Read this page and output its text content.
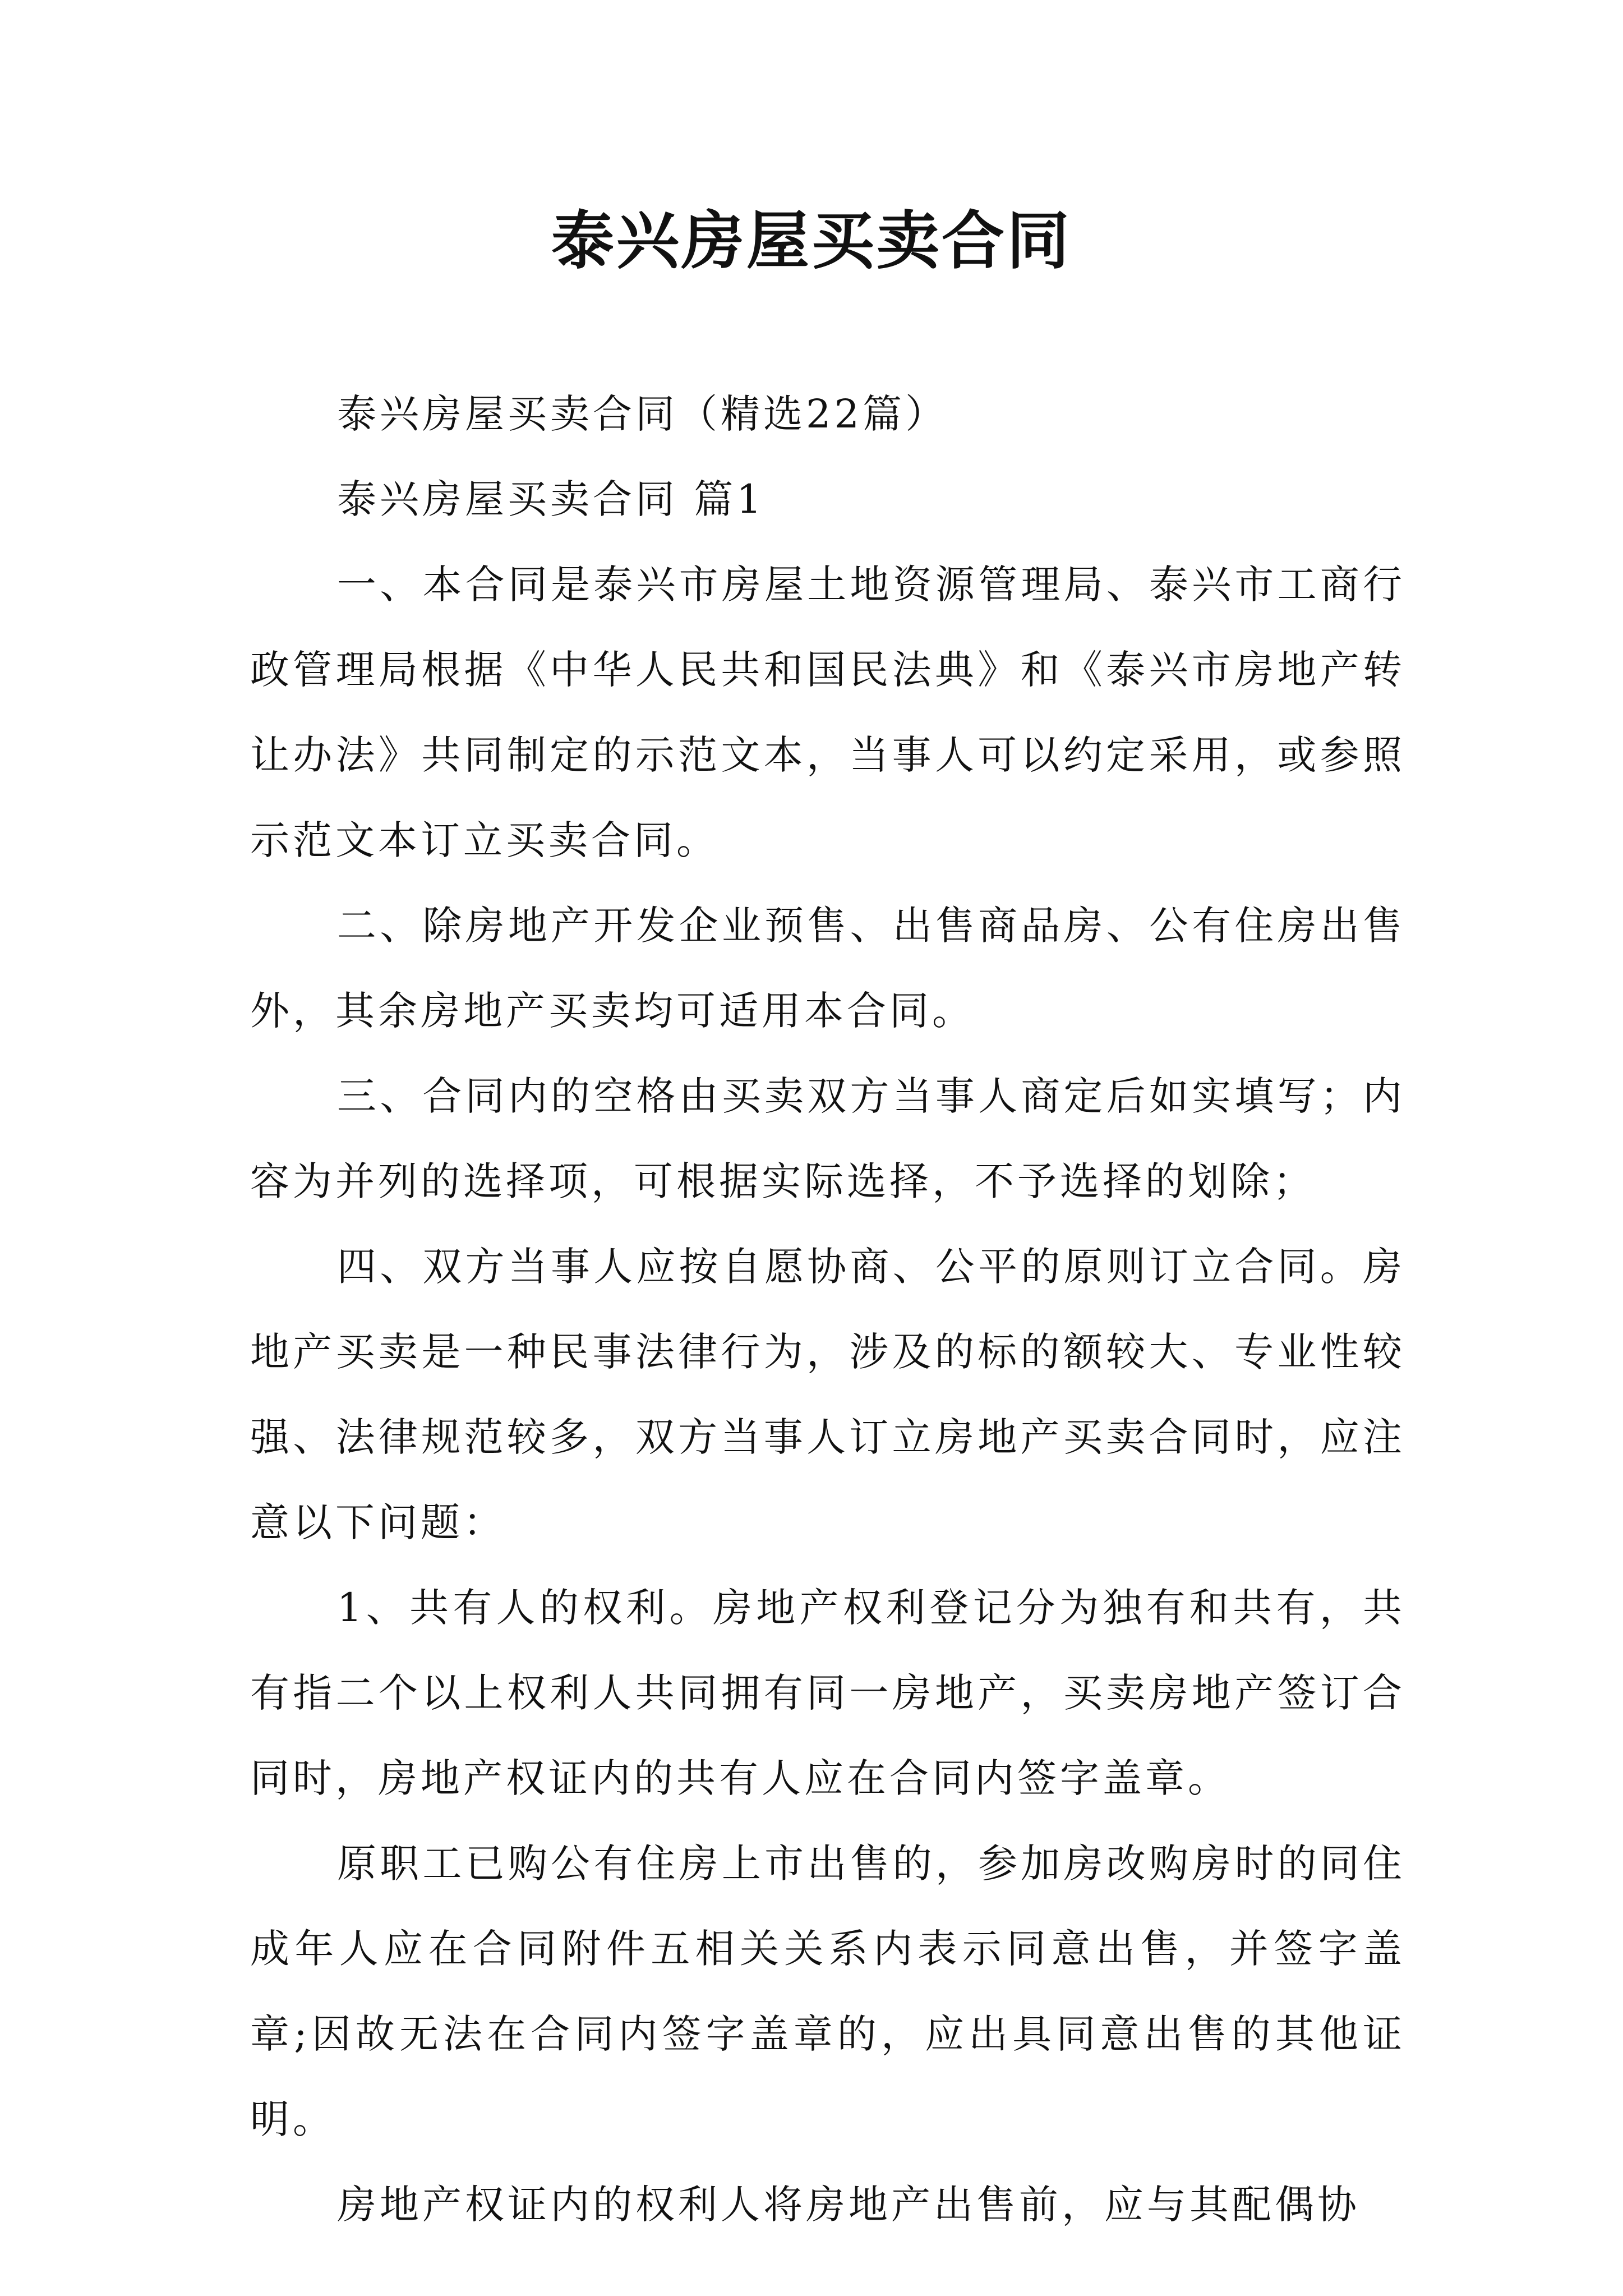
泰兴房屋买卖合同

泰兴房屋买卖合同（精选22篇）

泰兴房屋买卖合同 篇1

一、本合同是泰兴市房屋土地资源管理局、泰兴市工商行政管理局根据《中华人民共和国民法典》和《泰兴市房地产转让办法》共同制定的示范文本，当事人可以约定采用，或参照示范文本订立买卖合同。

二、除房地产开发企业预售、出售商品房、公有住房出售外，其余房地产买卖均可适用本合同。

三、合同内的空格由买卖双方当事人商定后如实填写；内容为并列的选择项，可根据实际选择，不予选择的划除；

四、双方当事人应按自愿协商、公平的原则订立合同。房地产买卖是一种民事法律行为，涉及的标的额较大、专业性较强、法律规范较多，双方当事人订立房地产买卖合同时，应注意以下问题：

1、共有人的权利。房地产权利登记分为独有和共有，共有指二个以上权利人共同拥有同一房地产，买卖房地产签订合同时，房地产权证内的共有人应在合同内签字盖章。

原职工已购公有住房上市出售的，参加房改购房时的同住成年人应在合同附件五相关关系内表示同意出售，并签字盖章;因故无法在合同内签字盖章的，应出具同意出售的其他证明。

房地产权证内的权利人将房地产出售前，应与其配偶协
